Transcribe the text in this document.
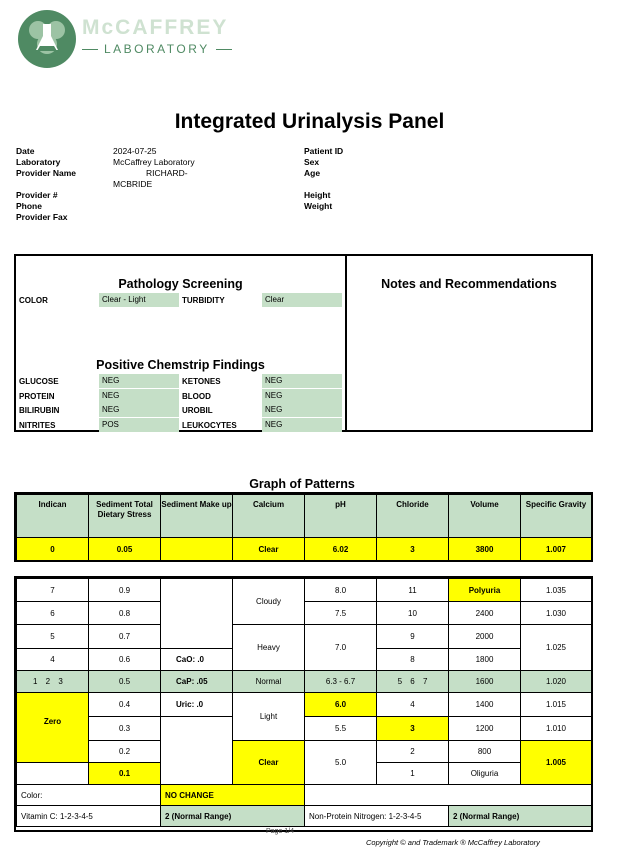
McCAFFREY
LABORATORY
Integrated Urinalysis Panel
Date	2024-07-25
Laboratory	McCaffrey Laboratory
Provider Name	RICHARD-
MCBRIDE
Provider #
Phone
Provider Fax
Patient ID
Sex
Age
Height
Weight
Pathology Screening
COLOR	Clear - Light	TURBIDITY	Clear
Positive Chemstrip Findings
GLUCOSE	NEG	KETONES	NEG
PROTEIN	NEG	BLOOD	NEG
BILIRUBIN	NEG	UROBIL	NEG
NITRITES	POS	LEUKOCYTES	NEG
Notes and Recommendations
Graph of Patterns
Indican	Sediment Total Dietary Stress	Sediment Make up	Calcium	pH	Chloride	Volume	Specific Gravity
0	0.05		Clear	6.02	3	3800	1.007
7	0.9		Cloudy	8.0	11	Polyuria	1.035
6	0.8			7.5	10	2400	1.030
5	0.7		Heavy	7.0	9	2000	1.025
4	0.6	CaO: .0			8	1800	
1 2 3	0.5	CaP: .05	Normal	6.3 - 6.7	5 6 7	1600	1.020
Zero	0.4	Uric: .0	Light	6.0	4	1400	1.015
	0.3			5.5	3	1200	1.010
	0.2		Clear	5.0	2	800	1.005
	0.1				1	Oliguria	
Color:		NO CHANGE					
Vitamin C: 1-2-3-4-5		2 (Normal Range)		Non-Protein Nitrogen: 1-2-3-4-5		2 (Normal Range)	
Page 1/4
Copyright © and Trademark ® McCaffrey Laboratory
